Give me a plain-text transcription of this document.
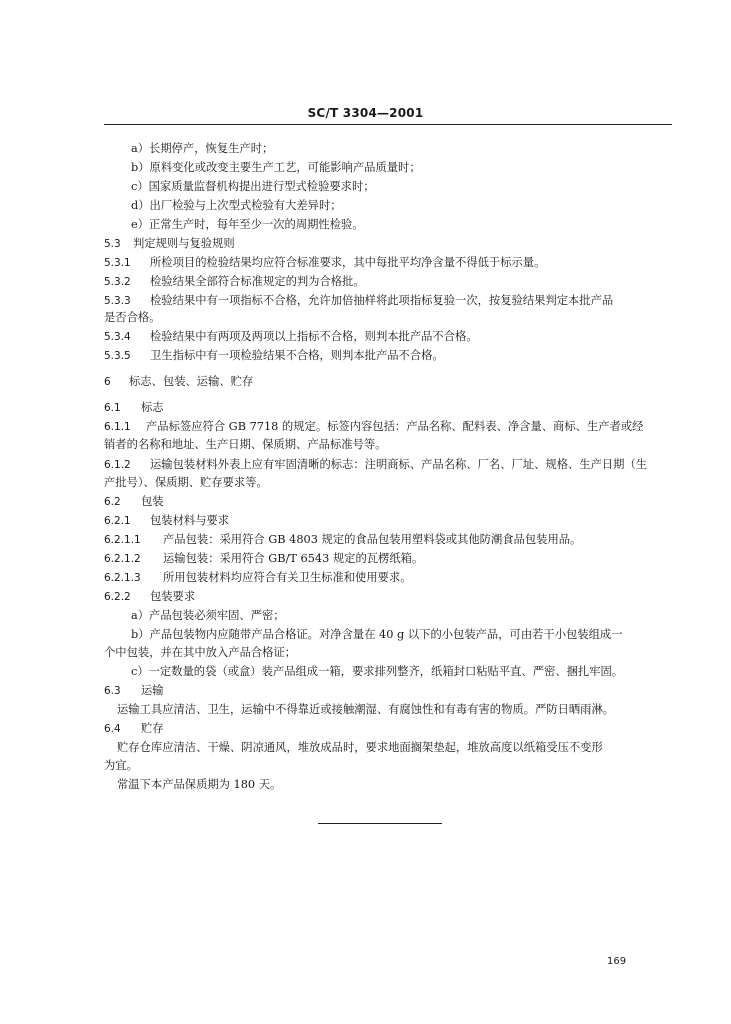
SC/T 3304—2001
a）长期停产，恢复生产时；
b）原料变化或改变主要生产工艺，可能影响产品质量时；
c）国家质量监督机构提出进行型式检验要求时；
d）出厂检验与上次型式检验有大差异时；
e）正常生产时，每年至少一次的周期性检验。
5.3 判定规则与复验规则
5.3.1 所检项目的检验结果均应符合标准要求，其中每批平均净含量不得低于标示量。
5.3.2 检验结果全部符合标准规定的判为合格批。
5.3.3 检验结果中有一项指标不合格，允许加倍抽样将此项指标复验一次，按复验结果判定本批产品
是否合格。
5.3.4 检验结果中有两项及两项以上指标不合格，则判本批产品不合格。
5.3.5 卫生指标中有一项检验结果不合格，则判本批产品不合格。
6 标志、包装、运输、贮存
6.1 标志
6.1.1 产品标签应符合 GB 7718 的规定。标签内容包括：产品名称、配料表、净含量、商标、生产者或经
销者的名称和地址、生产日期、保质期、产品标准号等。
6.1.2 运输包装材料外表上应有牢固清晰的标志：注明商标、产品名称、厂名、厂址、规格、生产日期（生
产批号）、保质期、贮存要求等。
6.2 包装
6.2.1 包装材料与要求
6.2.1.1 产品包装：采用符合 GB 4803 规定的食品包装用塑料袋或其他防潮食品包装用品。
6.2.1.2 运输包装：采用符合 GB/T 6543 规定的瓦楞纸箱。
6.2.1.3 所用包装材料均应符合有关卫生标准和使用要求。
6.2.2 包装要求
a）产品包装必须牢固、严密；
b）产品包装物内应随带产品合格证。对净含量在 40 g 以下的小包装产品，可由若干小包装组成一
个中包装，并在其中放入产品合格证；
c）一定数量的袋（或盒）装产品组成一箱，要求排列整齐，纸箱封口粘贴平直、严密、捆扎牢固。
6.3 运输
运输工具应清洁、卫生，运输中不得靠近或接触潮湿、有腐蚀性和有毒有害的物质。严防日晒雨淋。
6.4 贮存
贮存仓库应清洁、干燥、阴凉通风，堆放成品时，要求地面搁架垫起，堆放高度以纸箱受压不变形
为宜。
常温下本产品保质期为 180 天。
169
